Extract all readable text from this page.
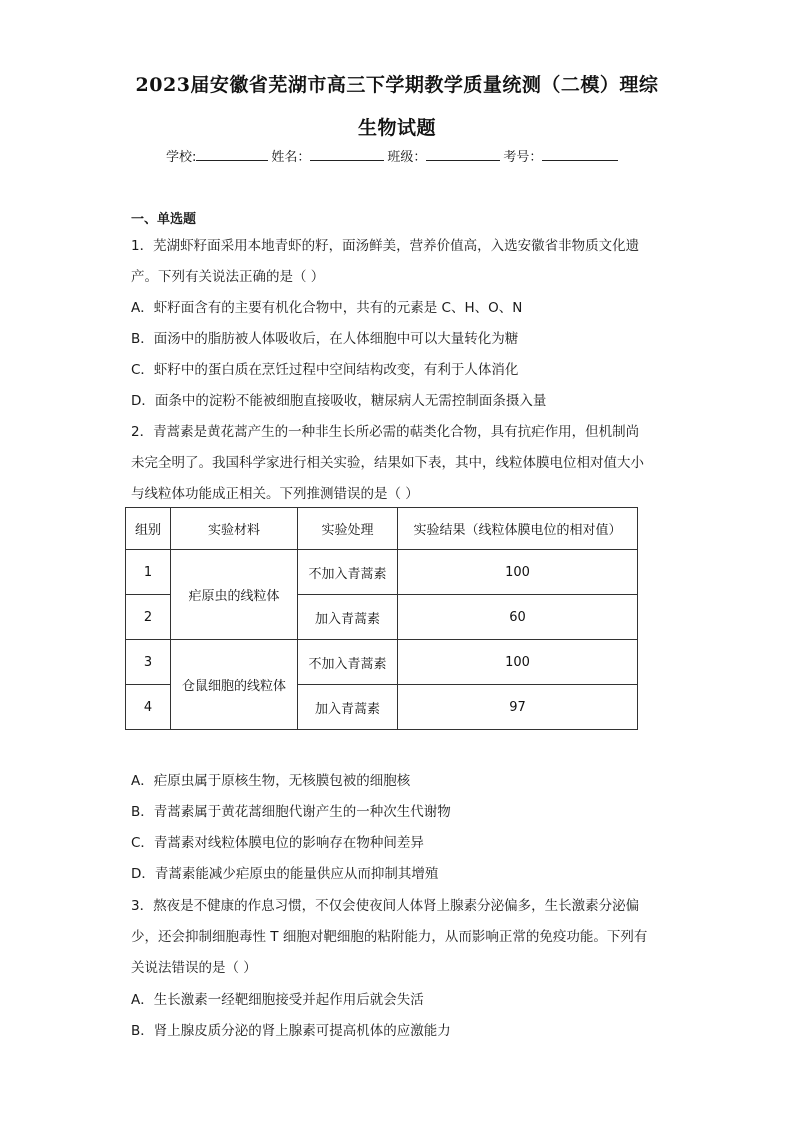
2023届安徽省芜湖市高三下学期教学质量统测（二模）理综
生物试题
学校:	姓名：	班级：	考号：
一、单选题
1．芜湖虾籽面采用本地青虾的籽，面汤鲜美，营养价值高，入选安徽省非物质文化遗
产。下列有关说法正确的是（ ）
A．虾籽面含有的主要有机化合物中，共有的元素是 C、H、O、N
B．面汤中的脂肪被人体吸收后，在人体细胞中可以大量转化为糖
C．虾籽中的蛋白质在烹饪过程中空间结构改变，有利于人体消化
D．面条中的淀粉不能被细胞直接吸收，糖尿病人无需控制面条摄入量
2．青蒿素是黄花蒿产生的一种非生长所必需的萜类化合物，具有抗疟作用，但机制尚
未完全明了。我国科学家进行相关实验，结果如下表，其中，线粒体膜电位相对值大小
与线粒体功能成正相关。下列推测错误的是（ ）
组别	实验材料	实验处理	实验结果（线粒体膜电位的相对值）
1	疟原虫的线粒体	不加入青蒿素	100
2		加入青蒿素	60
3	仓鼠细胞的线粒体	不加入青蒿素	100
4		加入青蒿素	97
A．疟原虫属于原核生物，无核膜包被的细胞核
B．青蒿素属于黄花蒿细胞代谢产生的一种次生代谢物
C．青蒿素对线粒体膜电位的影响存在物种间差异
D．青蒿素能减少疟原虫的能量供应从而抑制其增殖
3．熬夜是不健康的作息习惯，不仅会使夜间人体肾上腺素分泌偏多，生长激素分泌偏
少，还会抑制细胞毒性 T 细胞对靶细胞的粘附能力，从而影响正常的免疫功能。下列有
关说法错误的是（ ）
A．生长激素一经靶细胞接受并起作用后就会失活
B．肾上腺皮质分泌的肾上腺素可提高机体的应激能力
